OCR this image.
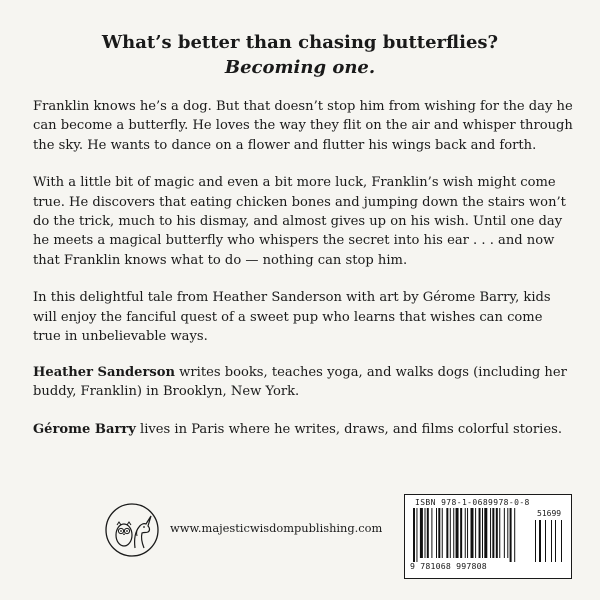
What’s better than chasing butterflies?
Becoming one.

Franklin knows he’s a dog. But that doesn’t stop him from wishing for the day he can become a butterfly. He loves the way they flit on the air and whisper through the sky. He wants to dance on a flower and flutter his wings back and forth.

With a little bit of magic and even a bit more luck, Franklin’s wish might come true. He discovers that eating chicken bones and jumping down the stairs won’t do the trick, much to his dismay, and almost gives up on his wish. Until one day he meets a magical butterfly who whispers the secret into his ear . . . and now that Franklin knows what to do — nothing can stop him.

In this delightful tale from Heather Sanderson with art by Gérome Barry, kids will enjoy the fanciful quest of a sweet pup who learns that wishes can come true in unbelievable ways.

Heather Sanderson writes books, teaches yoga, and walks dogs (including her buddy, Franklin) in Brooklyn, New York.

Gérome Barry lives in Paris where he writes, draws, and films colorful stories.

www.majesticwisdompublishing.com
ISBN 978-1-0689978-0-8
51699
9 781068 997808
